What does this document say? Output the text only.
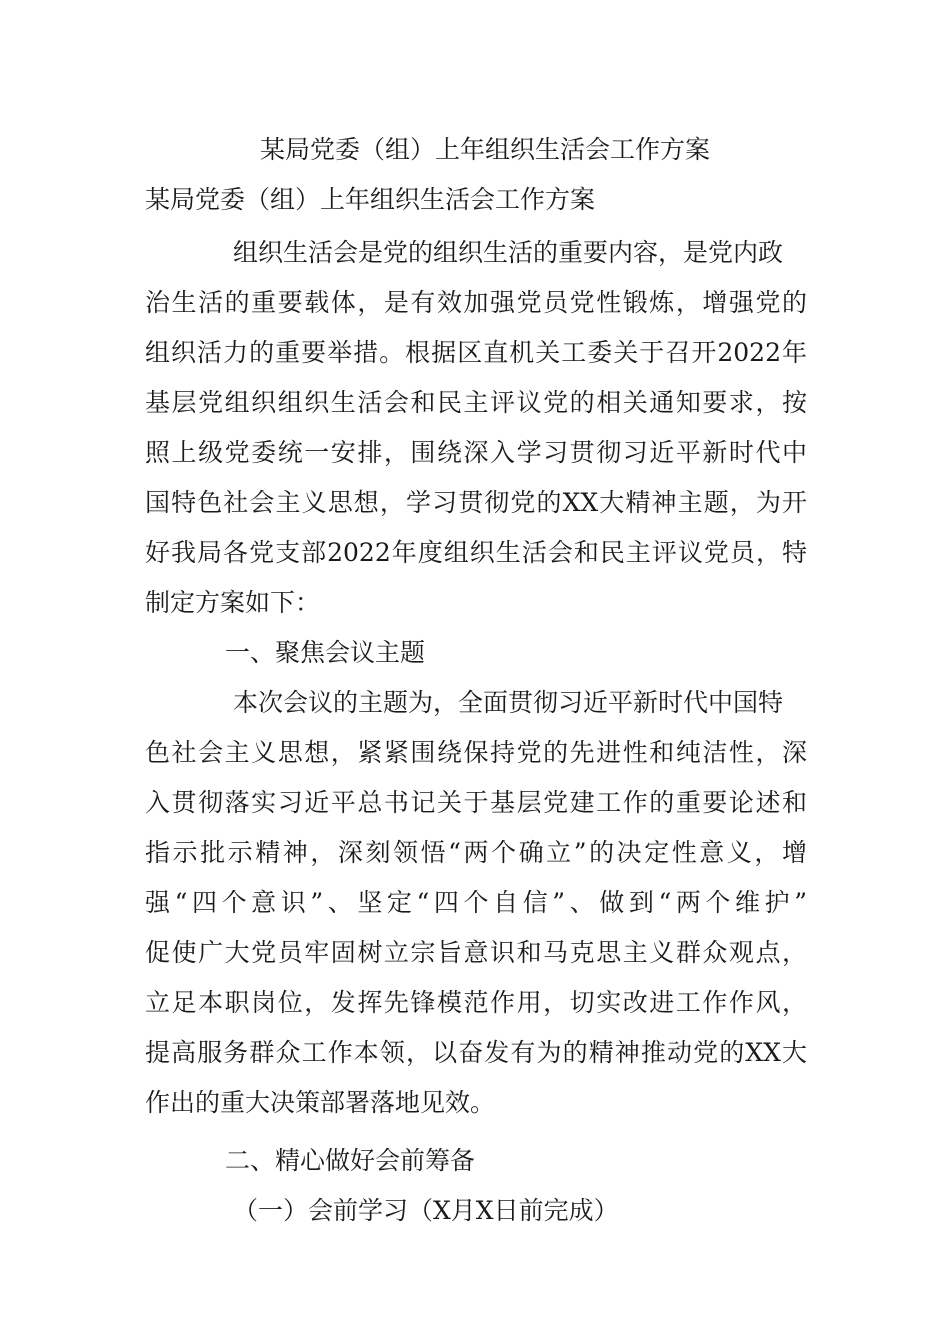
某局党委（组）上年组织生活会工作方案
某局党委（组）上年组织生活会工作方案
组织生活会是党的组织生活的重要内容，是党内政
治生活的重要载体，是有效加强党员党性锻炼，增强党的
组织活力的重要举措。根据区直机关工委关于召开2022年
基层党组织组织生活会和民主评议党的相关通知要求，按
照上级党委统一安排，围绕深入学习贯彻习近平新时代中
国特色社会主义思想，学习贯彻党的XX大精神主题，为开
好我局各党支部2022年度组织生活会和民主评议党员，特
制定方案如下：
一、聚焦会议主题
本次会议的主题为，全面贯彻习近平新时代中国特
色社会主义思想，紧紧围绕保持党的先进性和纯洁性，深
入贯彻落实习近平总书记关于基层党建工作的重要论述和
指示批示精神，深刻领悟“两个确立”的决定性意义，增
强“四个意识”、坚定“四个自信”、做到“两个维护”
促使广大党员牢固树立宗旨意识和马克思主义群众观点，
立足本职岗位，发挥先锋模范作用，切实改进工作作风，
提高服务群众工作本领，以奋发有为的精神推动党的XX大
作出的重大决策部署落地见效。
二、精心做好会前筹备
（一）会前学习（X月X日前完成）
